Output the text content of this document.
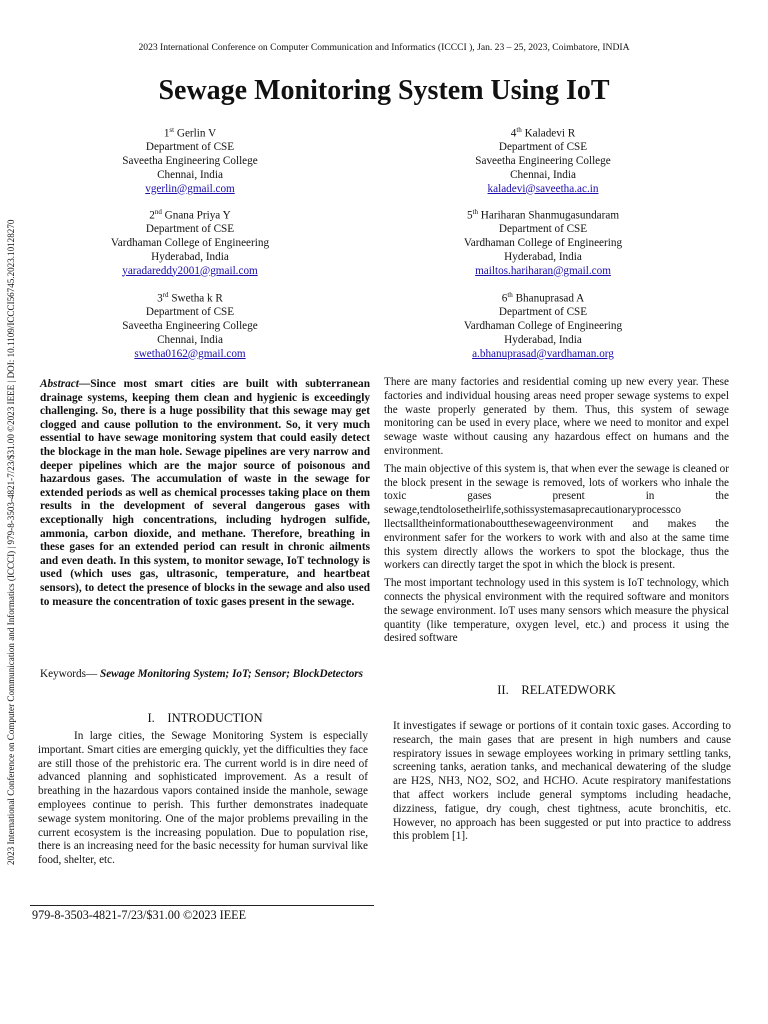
2023 International Conference on Computer Communication and Informatics (ICCCI ), Jan. 23 – 25, 2023, Coimbatore, INDIA
Sewage Monitoring System Using IoT
1st Gerlin V
Department of CSE
Saveetha Engineering College
Chennai, India
vgerlin@gmail.com
4th Kaladevi R
Department of CSE
Saveetha Engineering College
Chennai, India
kaladevi@saveetha.ac.in
2nd Gnana Priya Y
Department of CSE
Vardhaman College of Engineering
Hyderabad, India
yaradareddy2001@gmail.com
5th Hariharan Shanmugasundaram
Department of CSE
Vardhaman College of Engineering
Hyderabad, India
mailtos.hariharan@gmail.com
3rd Swetha k R
Department of CSE
Saveetha Engineering College
Chennai, India
swetha0162@gmail.com
6th Bhanuprasad A
Department of CSE
Vardhaman College of Engineering
Hyderabad, India
a.bhanuprasad@vardhaman.org
2023 International Conference on Computer Communication and Informatics (ICCCI) | 979-8-3503-4821-7/23/$31.00 ©2023 IEEE | DOI: 10.1109/ICCCI56745.2023.10128270 Abstract—Since most smart cities are built with subterranean drainage systems, keeping them clean and hygienic is exceedingly challenging. So, there is a huge possibility that this sewage may get clogged and cause pollution to the environment. So, it very much essential to have sewage monitoring system that could easily detect the blockage in the man hole. Sewage pipelines are very narrow and deeper pipelines which are the major source of poisonous and hazardous gases. The accumulation of waste in the sewage for extended periods as well as chemical processes taking place on them results in the development of several dangerous gases with exceptionally high concentrations, including hydrogen sulfide, ammonia, carbon dioxide, and methane. Therefore, breathing in these gases for an extended period can result in chronic ailments and even death. In this system, to monitor sewage, IoT technology is used (which uses gas, ultrasonic, temperature, and heartbeat sensors), to detect the presence of blocks in the sewage and also used to measure the concentration of toxic gases present in the sewage.

Keywords— Sewage Monitoring System; IoT; Sensor; BlockDetectors

I. INTRODUCTION

In large cities, the Sewage Monitoring System is especially important. Smart cities are emerging quickly, yet the difficulties they face are still those of the prehistoric era. The current world is in dire need of advanced planning and sophisticated improvement. As a result of breathing in the hazardous vapors contained inside the manhole, sewage employees continue to perish. This further demonstrates inadequate sewage system monitoring. One of the major problems prevailing in the current ecosystem is the increasing population. Due to population rise, there is an increasing need for the basic necessity for human survival like food, shelter, etc.

There are many factories and residential coming up new every year. These factories and individual housing areas need proper sewage systems to expel the waste properly generated by them. Thus, this system of sewage monitoring can be used in every place, where we need to monitor and expel sewage waste without causing any hazardous effect on humans and the environment.

The main objective of this system is, that when ever the sewage is cleaned or the block present in the sewage is removed, lots of workers who inhale the toxic gases present in the sewage,tendtolosetheirlife,sothissystemasaprecautionaryprocessco llectsalltheinformationaboutthesewageenvironment and makes the environment safer for the workers to work with and also at the same time this system directly allows the workers to spot the blockage, thus the workers can directly target the spot in which the block is present.

The most important technology used in this system is IoT technology, which connects the physical environment with the required software and monitors the sewage environment. IoT uses many sensors which measure the physical quantity (like temperature, oxygen level, etc.) and process it using the desired software

II. RELATEDWORK

It investigates if sewage or portions of it contain toxic gases. According to research, the main gases that are present in high numbers and cause respiratory issues in sewage employees working in primary settling tanks, screening tanks, aeration tanks, and mechanical dewatering of the sludge are H2S, NH3, NO2, SO2, and HCHO. Acute respiratory manifestations that affect workers include general symptoms including headache, dizziness, fatigue, dry cough, chest tightness, acute bronchitis, etc. However, no approach has been suggested or put into practice to address this problem [1].

979-8-3503-4821-7/23/$31.00 ©2023 IEEE
